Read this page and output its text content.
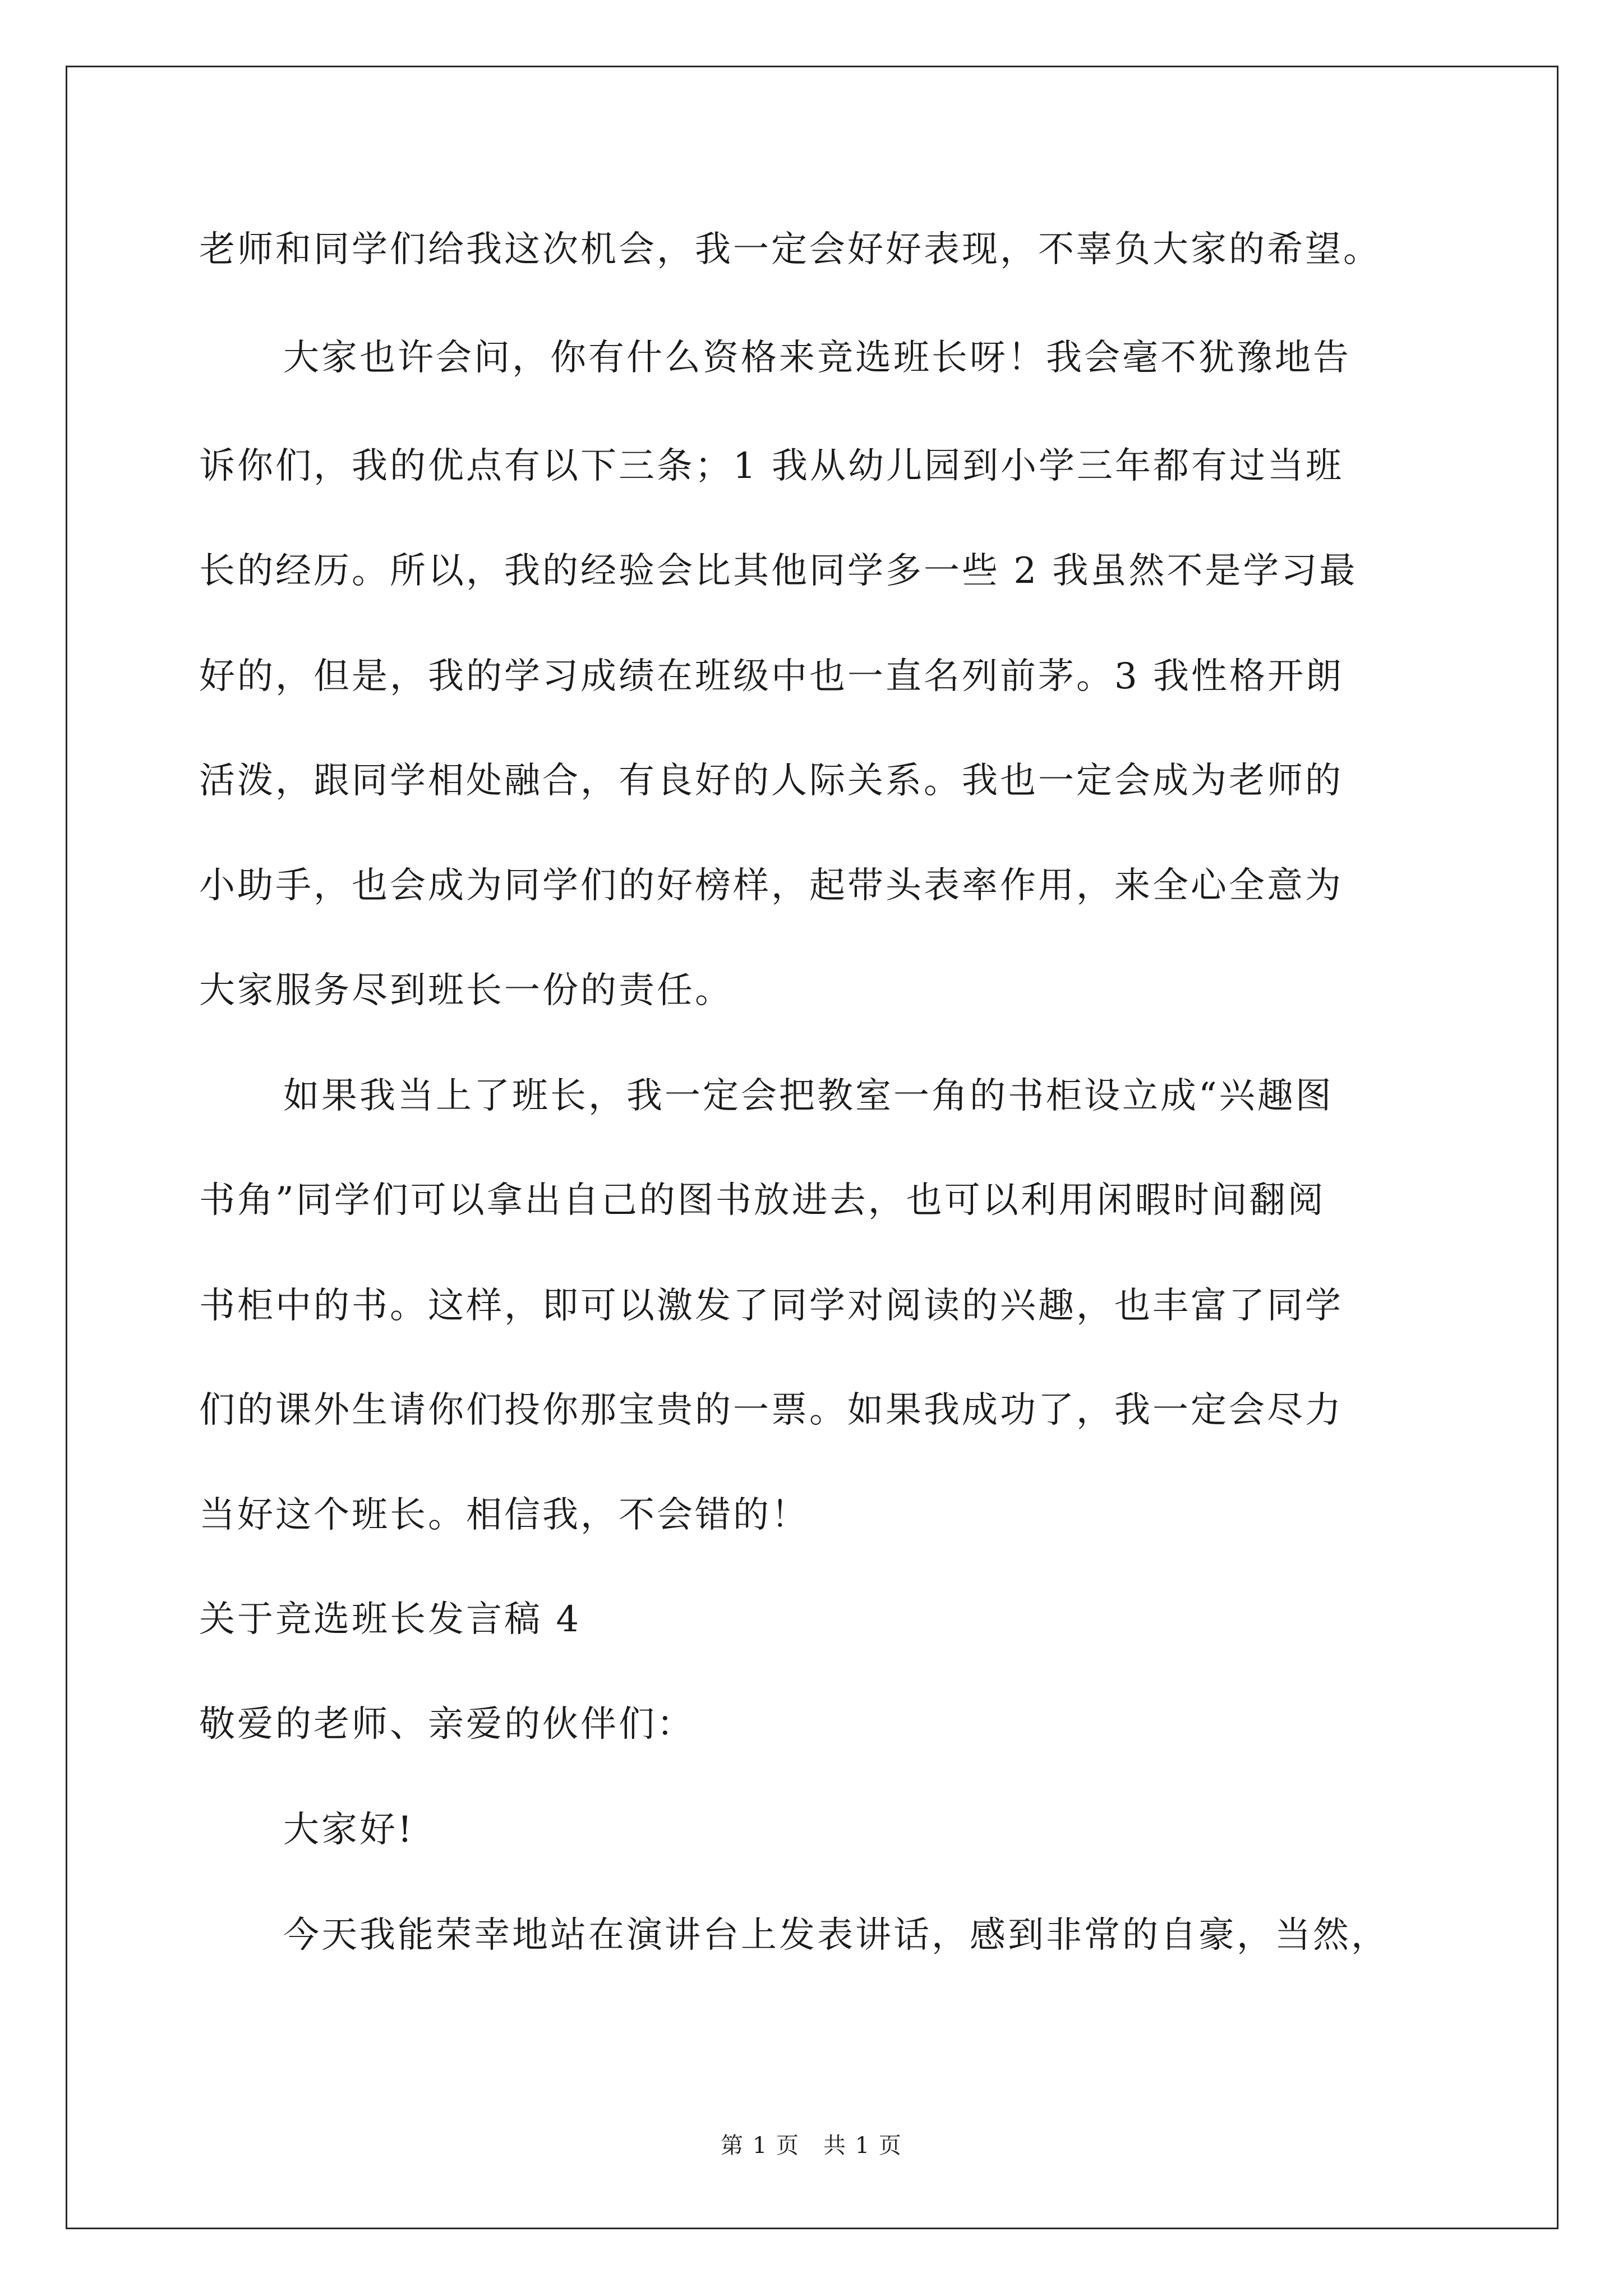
老师和同学们给我这次机会，我一定会好好表现，不辜负大家的希望。
大家也许会问，你有什么资格来竞选班长呀！我会毫不犹豫地告
诉你们，我的优点有以下三条；1 我从幼儿园到小学三年都有过当班
长的经历。所以，我的经验会比其他同学多一些 2 我虽然不是学习最
好的，但是，我的学习成绩在班级中也一直名列前茅。3 我性格开朗
活泼，跟同学相处融合，有良好的人际关系。我也一定会成为老师的
小助手，也会成为同学们的好榜样，起带头表率作用，来全心全意为
大家服务尽到班长一份的责任。
如果我当上了班长，我一定会把教室一角的书柜设立成“兴趣图
书角”同学们可以拿出自己的图书放进去，也可以利用闲暇时间翻阅
书柜中的书。这样，即可以激发了同学对阅读的兴趣，也丰富了同学
们的课外生请你们投你那宝贵的一票。如果我成功了，我一定会尽力
当好这个班长。相信我，不会错的！
关于竞选班长发言稿 4
敬爱的老师、亲爱的伙伴们：
大家好!
今天我能荣幸地站在演讲台上发表讲话，感到非常的自豪，当然，
第 1 页　共 1 页
